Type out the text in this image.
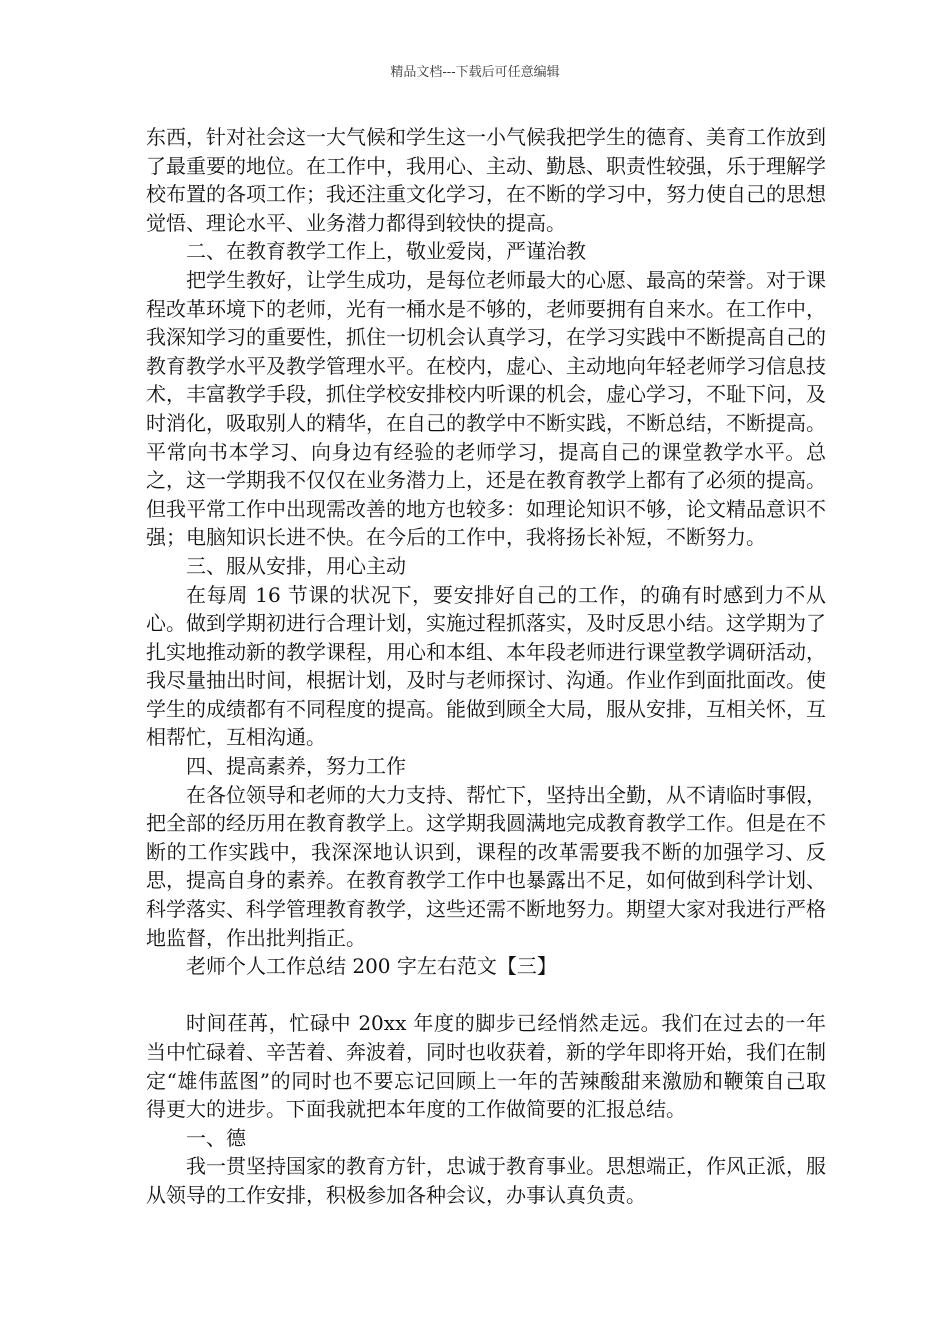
精品文档---下载后可任意编辑

东西，针对社会这一大气候和学生这一小气候我把学生的德育、美育工作放到了最重要的地位。在工作中，我用心、主动、勤恳、职责性较强，乐于理解学校布置的各项工作；我还注重文化学习，在不断的学习中，努力使自己的思想觉悟、理论水平、业务潜力都得到较快的提高。

二、在教育教学工作上，敬业爱岗，严谨治教

把学生教好，让学生成功，是每位老师最大的心愿、最高的荣誉。对于课程改革环境下的老师，光有一桶水是不够的，老师要拥有自来水。在工作中，我深知学习的重要性，抓住一切机会认真学习，在学习实践中不断提高自己的教育教学水平及教学管理水平。在校内，虚心、主动地向年轻老师学习信息技术，丰富教学手段，抓住学校安排校内听课的机会，虚心学习，不耻下问，及时消化，吸取别人的精华，在自己的教学中不断实践，不断总结，不断提高。平常向书本学习、向身边有经验的老师学习，提高自己的课堂教学水平。总之，这一学期我不仅仅在业务潜力上，还是在教育教学上都有了必须的提高。但我平常工作中出现需改善的地方也较多：如理论知识不够，论文精品意识不强；电脑知识长进不快。在今后的工作中，我将扬长补短，不断努力。

三、服从安排，用心主动

在每周 16 节课的状况下，要安排好自己的工作，的确有时感到力不从心。做到学期初进行合理计划，实施过程抓落实，及时反思小结。这学期为了扎实地推动新的教学课程，用心和本组、本年段老师进行课堂教学调研活动，我尽量抽出时间，根据计划，及时与老师探讨、沟通。作业作到面批面改。使学生的成绩都有不同程度的提高。能做到顾全大局，服从安排，互相关怀，互相帮忙，互相沟通。

四、提高素养，努力工作

在各位领导和老师的大力支持、帮忙下，坚持出全勤，从不请临时事假，把全部的经历用在教育教学上。这学期我圆满地完成教育教学工作。但是在不断的工作实践中，我深深地认识到，课程的改革需要我不断的加强学习、反思，提高自身的素养。在教育教学工作中也暴露出不足，如何做到科学计划、科学落实、科学管理教育教学，这些还需不断地努力。期望大家对我进行严格地监督，作出批判指正。

老师个人工作总结 200 字左右范文【三】

时间荏苒，忙碌中 20xx 年度的脚步已经悄然走远。我们在过去的一年当中忙碌着、辛苦着、奔波着，同时也收获着，新的学年即将开始，我们在制定“雄伟蓝图”的同时也不要忘记回顾上一年的苦辣酸甜来激励和鞭策自己取得更大的进步。下面我就把本年度的工作做简要的汇报总结。

一、德

我一贯坚持国家的教育方针，忠诚于教育事业。思想端正，作风正派，服从领导的工作安排，积极参加各种会议，办事认真负责。
